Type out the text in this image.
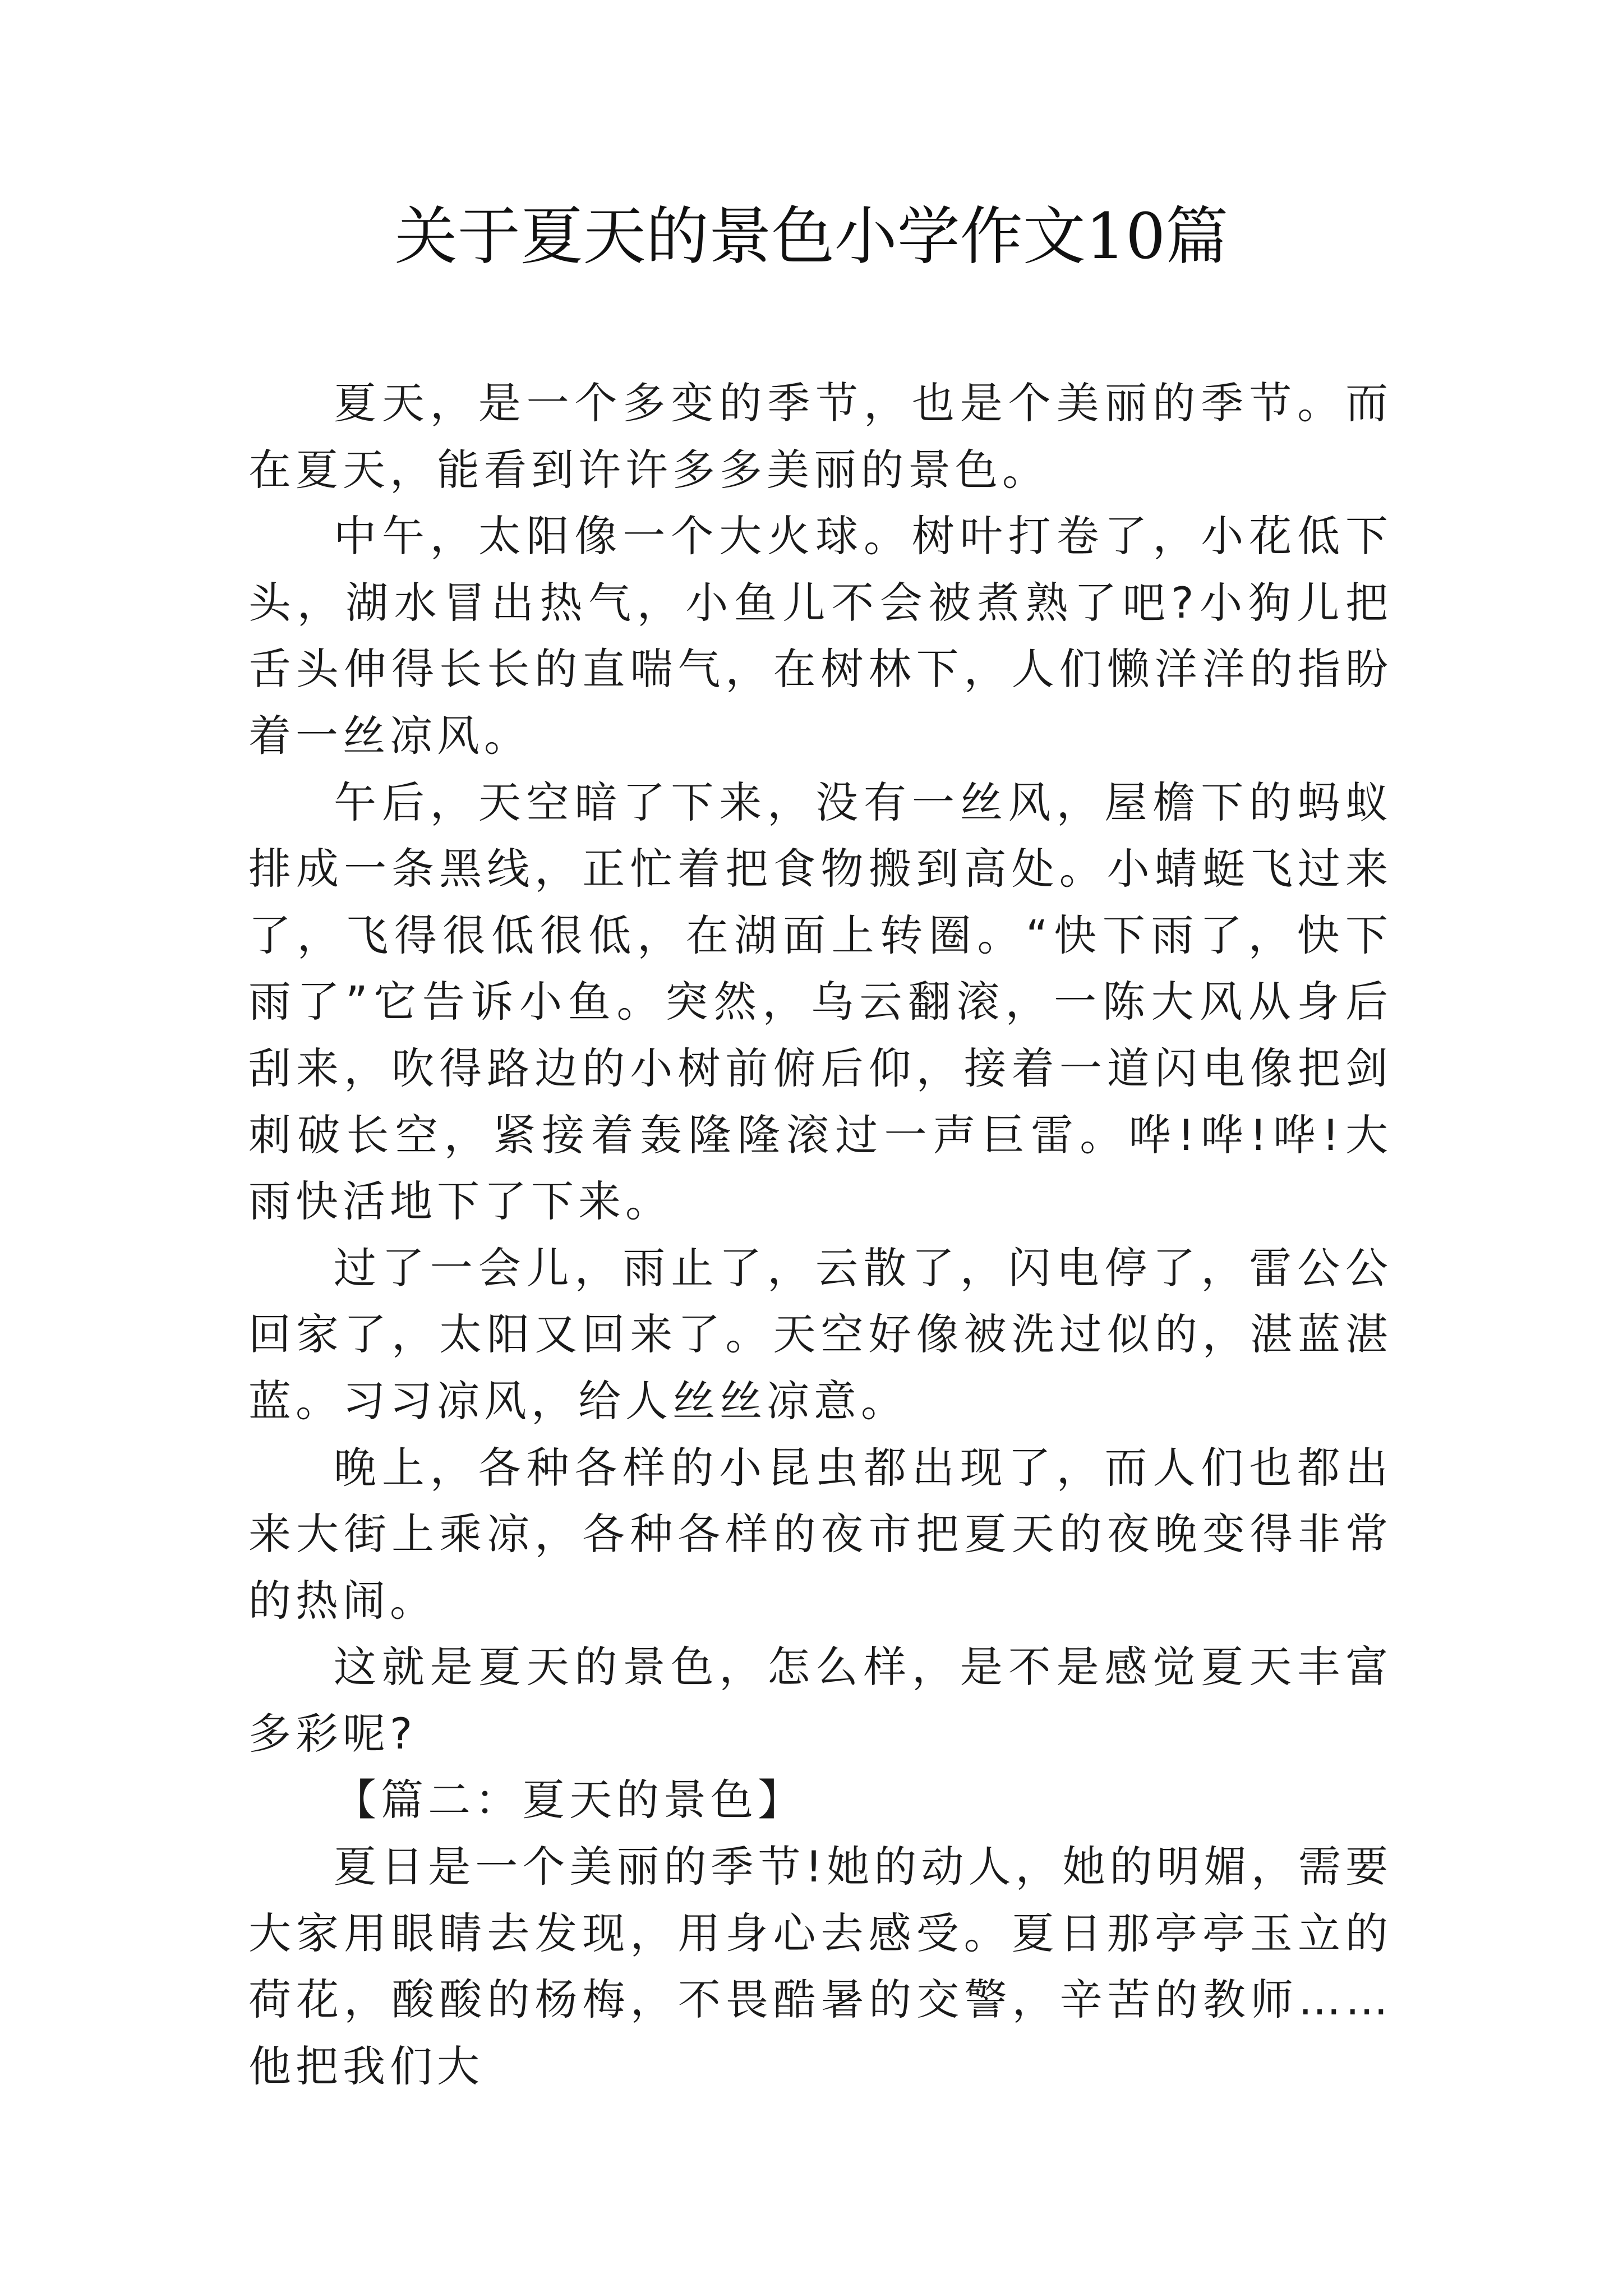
关于夏天的景色小学作文10篇

夏天，是一个多变的季节，也是个美丽的季节。而在夏天，能看到许许多多美丽的景色。

中午，太阳像一个大火球。树叶打卷了，小花低下头，湖水冒出热气，小鱼儿不会被煮熟了吧?小狗儿把舌头伸得长长的直喘气，在树林下，人们懒洋洋的指盼着一丝凉风。

午后，天空暗了下来，没有一丝风，屋檐下的蚂蚁排成一条黑线，正忙着把食物搬到高处。小蜻蜓飞过来了，飞得很低很低，在湖面上转圈。“快下雨了，快下雨了”它告诉小鱼。突然，乌云翻滚，一陈大风从身后刮来，吹得路边的小树前俯后仰，接着一道闪电像把剑刺破长空，紧接着轰隆隆滚过一声巨雷。哗!哗!哗!大雨快活地下了下来。

过了一会儿，雨止了，云散了，闪电停了，雷公公回家了，太阳又回来了。天空好像被洗过似的，湛蓝湛蓝。习习凉风，给人丝丝凉意。

晚上，各种各样的小昆虫都出现了，而人们也都出来大街上乘凉，各种各样的夜市把夏天的夜晚变得非常的热闹。

这就是夏天的景色，怎么样，是不是感觉夏天丰富多彩呢?

【篇二：夏天的景色】

夏日是一个美丽的季节!她的动人，她的明媚，需要大家用眼睛去发现，用身心去感受。夏日那亭亭玉立的荷花，酸酸的杨梅，不畏酷暑的交警，辛苦的教师……他把我们大
